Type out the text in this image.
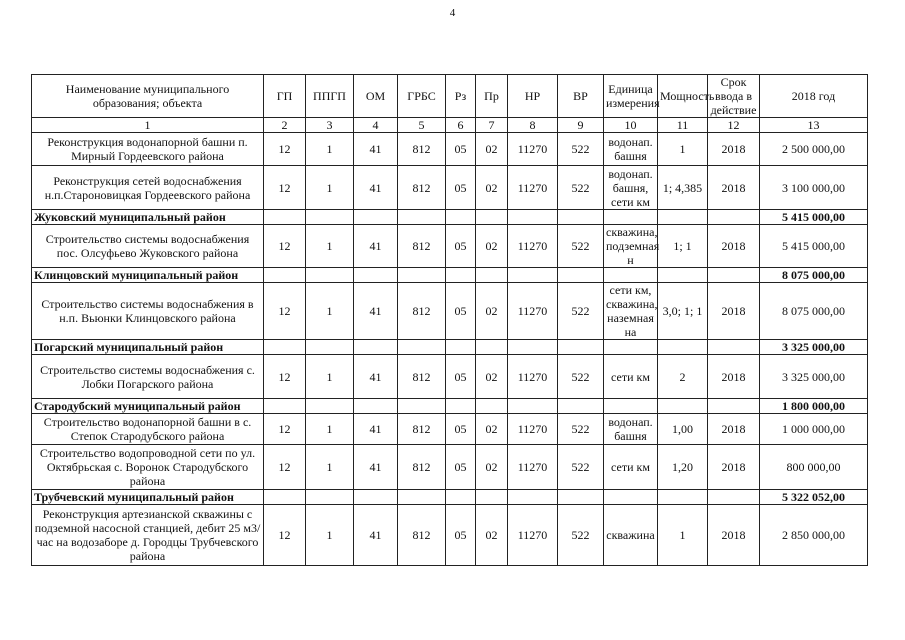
4
Наименование муниципального образования; объекта	ГП	ППГП	ОМ	ГРБС	Рз	Пр	НР	ВР	Единица измерения	Мощность	Срок ввода в действие	2018 год
1	2	3	4	5	6	7	8	9	10	11	12	13
Реконструкция водонапорной башни п. Мирный Гордеевского района	12	1	41	812	05	02	11270	522	водонап. башня	1	2018	2 500 000,00
Реконструкция сетей водоснабжения н.п.Староновицкая Гордеевского района	12	1	41	812	05	02	11270	522	водонап. башня, сети км	1; 4,385	2018	3 100 000,00
Жуковский муниципальный район												5 415 000,00
Строительство системы водоснабжения пос. Олсуфьево Жуковского района	12	1	41	812	05	02	11270	522	скважина, подземная н	1; 1	2018	5 415 000,00
Клинцовский муниципальный район												8 075 000,00
Строительство системы водоснабжения в н.п. Вьюнки Клинцовского района	12	1	41	812	05	02	11270	522	сети км, скважина, наземная на	3,0; 1; 1	2018	8 075 000,00
Погарский муниципальный район												3 325 000,00
Строительство системы водоснабжения с. Лобки Погарского района	12	1	41	812	05	02	11270	522	сети км	2	2018	3 325 000,00
Стародубский муниципальный район												1 800 000,00
Строительство водонапорной башни в с. Степок Стародубского района	12	1	41	812	05	02	11270	522	водонап. башня	1,00	2018	1 000 000,00
Строительство водопроводной сети по ул. Октябрьская с. Воронок Стародубского района	12	1	41	812	05	02	11270	522	сети км	1,20	2018	800 000,00
Трубчевский муниципальный район												5 322 052,00
Реконструкция артезианской скважины с подземной насосной станцией, дебит 25 м3/час на водозаборе д. Городцы Трубчевского района	12	1	41	812	05	02	11270	522	скважина	1	2018	2 850 000,00
